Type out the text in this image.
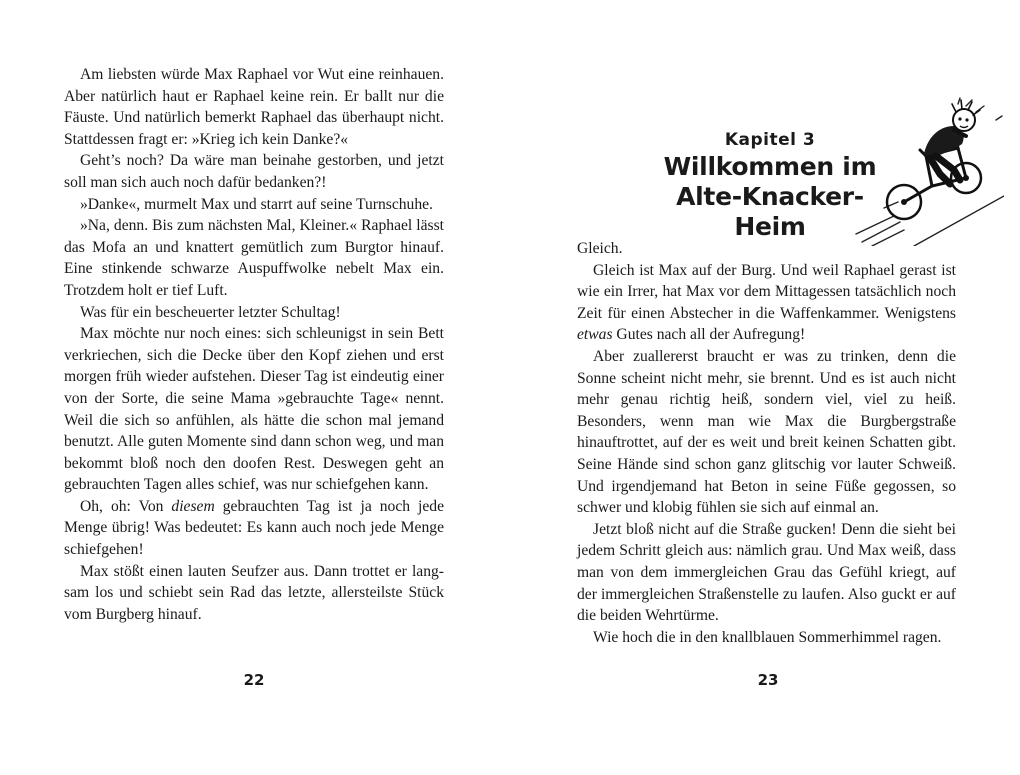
Am liebsten würde Max Raphael vor Wut eine reinhauen. Aber natürlich haut er Raphael keine rein. Er ballt nur die Fäuste. Und natürlich bemerkt Raphael das überhaupt nicht. Stattdessen fragt er: »Krieg ich kein Danke?«

Geht’s noch? Da wäre man beinahe gestorben, und jetzt soll man sich auch noch dafür bedanken?!

»Danke«, murmelt Max und starrt auf seine Turnschuhe.

»Na, denn. Bis zum nächsten Mal, Kleiner.« Raphael lässt das Mofa an und knattert gemütlich zum Burgtor hinauf. Eine stinkende schwarze Auspuffwolke nebelt Max ein. Trotzdem holt er tief Luft.

Was für ein bescheuerter letzter Schultag!

Max möchte nur noch eines: sich schleunigst in sein Bett verkriechen, sich die Decke über den Kopf ziehen und erst morgen früh wieder aufstehen. Dieser Tag ist eindeutig einer von der Sorte, die seine Mama »gebrauchte Tage« nennt. Weil die sich so anfühlen, als hätte die schon mal jemand benutzt. Alle guten Momente sind dann schon weg, und man bekommt bloß noch den doofen Rest. Deswegen geht an gebrauchten Tagen alles schief, was nur schiefgehen kann.

Oh, oh: Von diesem gebrauchten Tag ist ja noch jede Menge übrig! Was bedeutet: Es kann auch noch jede Menge schiefgehen!

Max stößt einen lauten Seufzer aus. Dann trottet er langsam los und schiebt sein Rad das letzte, allersteilste Stück vom Burgberg hinauf.

22
Kapitel 3
Willkommen im
Alte-Knacker-Heim

Gleich.

Gleich ist Max auf der Burg. Und weil Raphael gerast ist wie ein Irrer, hat Max vor dem Mittagessen tatsächlich noch Zeit für einen Abstecher in die Waffenkammer. Wenigstens etwas Gutes nach all der Aufregung!

Aber zuallererst braucht er was zu trinken, denn die Sonne scheint nicht mehr, sie brennt. Und es ist auch nicht mehr genau richtig heiß, sondern viel, viel zu heiß. Besonders, wenn man wie Max die Burgbergstraße hinauftrottet, auf der es weit und breit keinen Schatten gibt. Seine Hände sind schon ganz glitschig vor lauter Schweiß. Und irgendjemand hat Beton in seine Füße gegossen, so schwer und klobig fühlen sie sich auf einmal an.

Jetzt bloß nicht auf die Straße gucken! Denn die sieht bei jedem Schritt gleich aus: nämlich grau. Und Max weiß, dass man von dem immergleichen Grau das Gefühl kriegt, auf der immergleichen Straßenstelle zu laufen. Also guckt er auf die beiden Wehrtürme.

Wie hoch die in den knallblauen Sommerhimmel ragen.

23
